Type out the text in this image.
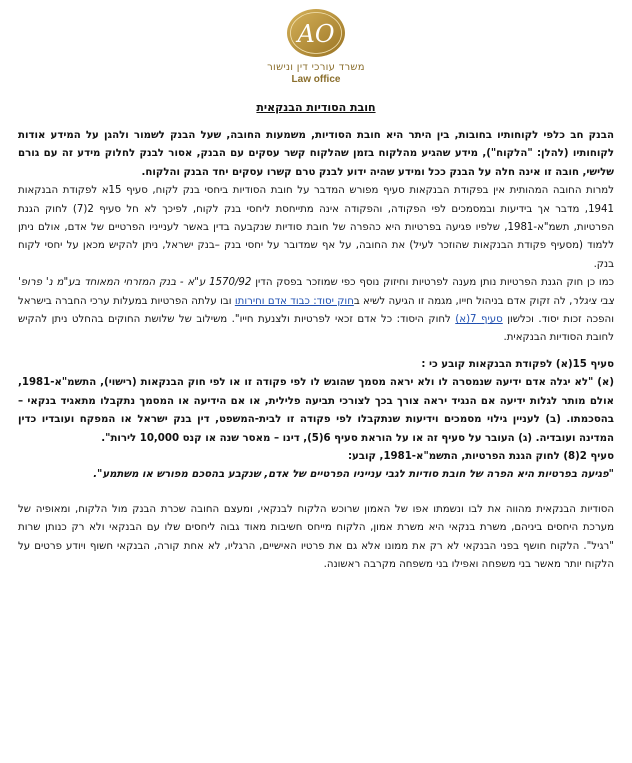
AO
משרד עורכי דין ונישור
Law office
חובת הסודיות הבנקאית

הבנק חב כלפי לקוחותיו בחובות, בין היתר היא חובת הסודיות, משמעות החובה, שעל הבנק לשמור ולהגן על המידע אודות לקוחותיו (להלן: "הלקוח"), מידע שהגיע מהלקוח בזמן שהלקוח קשר עסקים עם הבנק, אסור לבנק לחלוק מידע זה עם גורם שלישי, חובה זו אינה חלה על הבנק ככל ומידע שהיה ידוע לבנק טרם קשרו עסקים יחד הבנק והלקוח.

למרות החובה המהותית אין בפקודת הבנקאות סעיף מפורש המדבר על חובת הסודיות ביחסי בנק לקוח, סעיף 15א לפקודת הבנקאות 1941, מדבר אך בידיעות ובמסמכים לפי הפקודה, והפקודה אינה מתייחסת ליחסי בנק לקוח, לפיכך לא חל סעיף 2(7) לחוק הגנת הפרטיות, תשמ"א-1981, שלפיו פגיעה בפרטיות היא כהפרה של חובת סודיות שנקבעה בדין באשר לענייניו הפרטיים של אדם, אולם ניתן ללמוד (מסעיף פקודת הבנקאות שהוזכר לעיל) את החובה, על אף שמדובר על יחסי בנק –בנק ישראל, ניתן להקיש מכאן על יחסי לקוח בנק.

כמו כן חוק הגנת הפרטיות נותן מענה לפרטיות וחיזוק נוסף כפי שמוזכר בפסק הדין 1570/92 ע"א - בנק המזרחי המאוחד בע"מ נ' פרופ' צבי ציגלר, לה זקוק אדם בניהול חייו, מגמה זו הגיעה לשיא בחוק יסוד: כבוד אדם וחירותו ובו עלתה הפרטיות במעלות ערכי החברה בישראל והפכה זכות יסוד. וכלשון סעיף 7(א) לחוק היסוד: כל אדם זכאי לפרטיות ולצנעת חייו". משילוב של שלושת החוקים בהחלט ניתן להקיש לחובת הסודיות הבנקאית.

סעיף 15(א) לפקודת הבנקאות קובע כי :

(א) "לא יגלה אדם ידיעה שנמסרה לו ולא יראה מסמך שהוגש לו לפי פקודה זו או לפי חוק הבנקאות (רישוי), התשמ"א-1981, אולם מותר לגלות ידיעה אם הנגיד יראה צורך בכך לצורכי תביעה פלילית, או אם הידיעה או המסמך נתקבלו מתאגיד בנקאי – בהסכמתו. (ב) לעניין גילוי מסמכים וידיעות שנתקבלו לפי פקודה זו לבית-המשפט, דין בנק ישראל או המפקח ועובדיו כדין המדינה ועובדיה. (ג) העובר על סעיף זה או על הוראת סעיף 6(5), דינו – מאסר שנה או קנס 10,000 לירות".

סעיף 2(8) לחוק הגנת הפרטיות, התשמ"א-1981, קובע:

"פגיעה בפרטיות היא הפרה של חובת סודיות לגבי ענייניו הפרטיים של אדם, שנקבע בהסכם מפורש או משתמע".

הסודיות הבנקאית מהווה את לבו ונשמתו אפו של האמון שרוכש הלקוח לבנקאי, ומעצם החובה שכרת הבנק מול הלקוח, ומאופיה של מערכת היחסים ביניהם, משרת בנקאי היא משרת אמון, הלקוח מייחס חשיבות מאוד גבוה ליחסים שלו עם הבנקאי ולא רק כנותן שרות "רגיל". הלקוח חושף בפני הבנקאי לא רק את ממונו אלא גם את פרטיו האישיים, הרגליו, לא אחת קורה, הבנקאי חשוף ויודע פרטים על הלקוח יותר מאשר בני משפחה ואפילו בני משפחה מקרבה ראשונה.
